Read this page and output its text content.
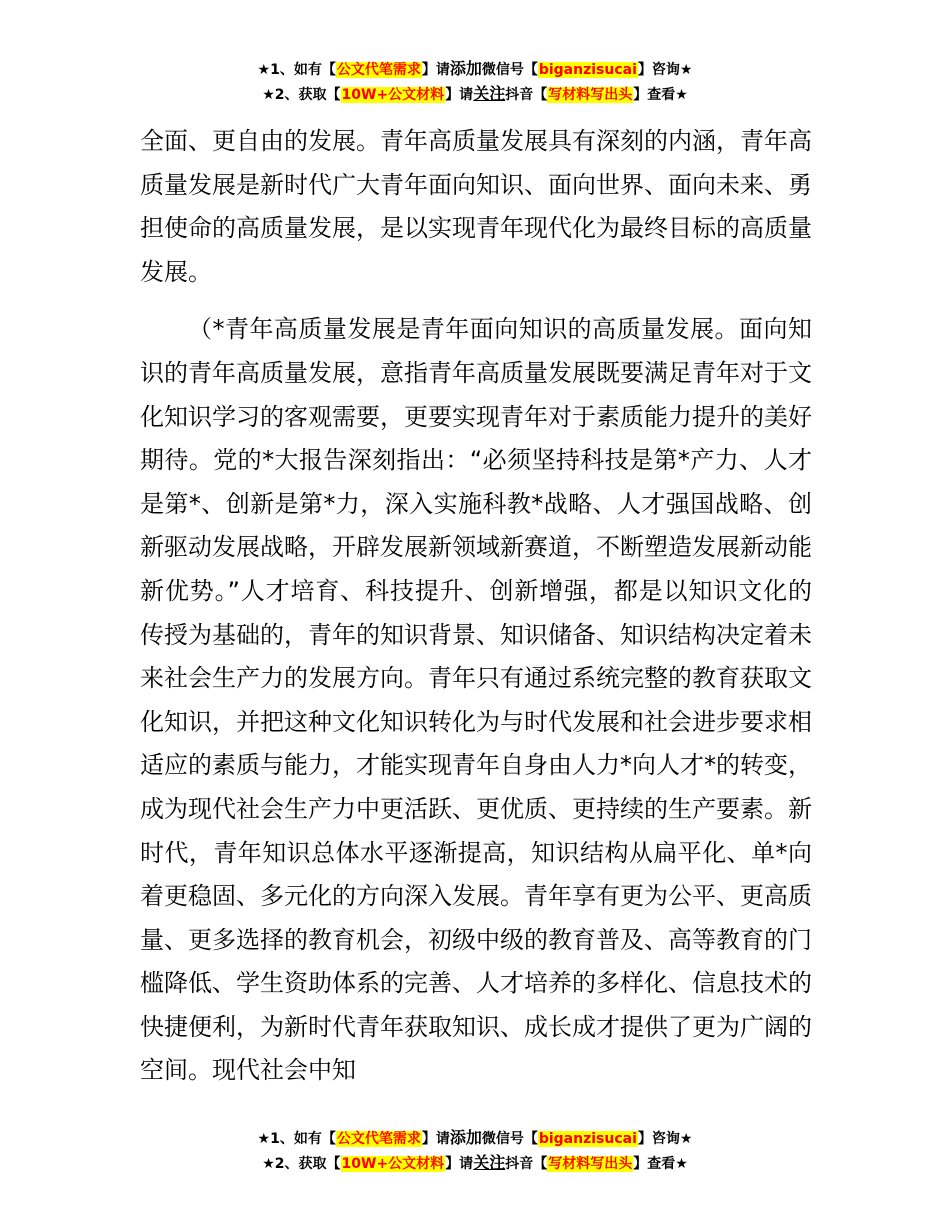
★1、如有【公文代笔需求】请添加微信号【biganzisucai】咨询★
★2、获取【10W+公文材料】请关注抖音【写材料写出头】查看★

全面、更自由的发展。青年高质量发展具有深刻的内涵，青年高质量发展是新时代广大青年面向知识、面向世界、面向未来、勇担使命的高质量发展，是以实现青年现代化为最终目标的高质量发展。

（*青年高质量发展是青年面向知识的高质量发展。面向知识的青年高质量发展，意指青年高质量发展既要满足青年对于文化知识学习的客观需要，更要实现青年对于素质能力提升的美好期待。党的*大报告深刻指出：“必须坚持科技是第*产力、人才是第*、创新是第*力，深入实施科教*战略、人才强国战略、创新驱动发展战略，开辟发展新领域新赛道，不断塑造发展新动能新优势。”人才培育、科技提升、创新增强，都是以知识文化的传授为基础的，青年的知识背景、知识储备、知识结构决定着未来社会生产力的发展方向。青年只有通过系统完整的教育获取文化知识，并把这种文化知识转化为与时代发展和社会进步要求相适应的素质与能力，才能实现青年自身由人力*向人才*的转变，成为现代社会生产力中更活跃、更优质、更持续的生产要素。新时代，青年知识总体水平逐渐提高，知识结构从扁平化、单*向着更稳固、多元化的方向深入发展。青年享有更为公平、更高质量、更多选择的教育机会，初级中级的教育普及、高等教育的门槛降低、学生资助体系的完善、人才培养的多样化、信息技术的快捷便利，为新时代青年获取知识、成长成才提供了更为广阔的空间。现代社会中知

★1、如有【公文代笔需求】请添加微信号【biganzisucai】咨询★
★2、获取【10W+公文材料】请关注抖音【写材料写出头】查看★
